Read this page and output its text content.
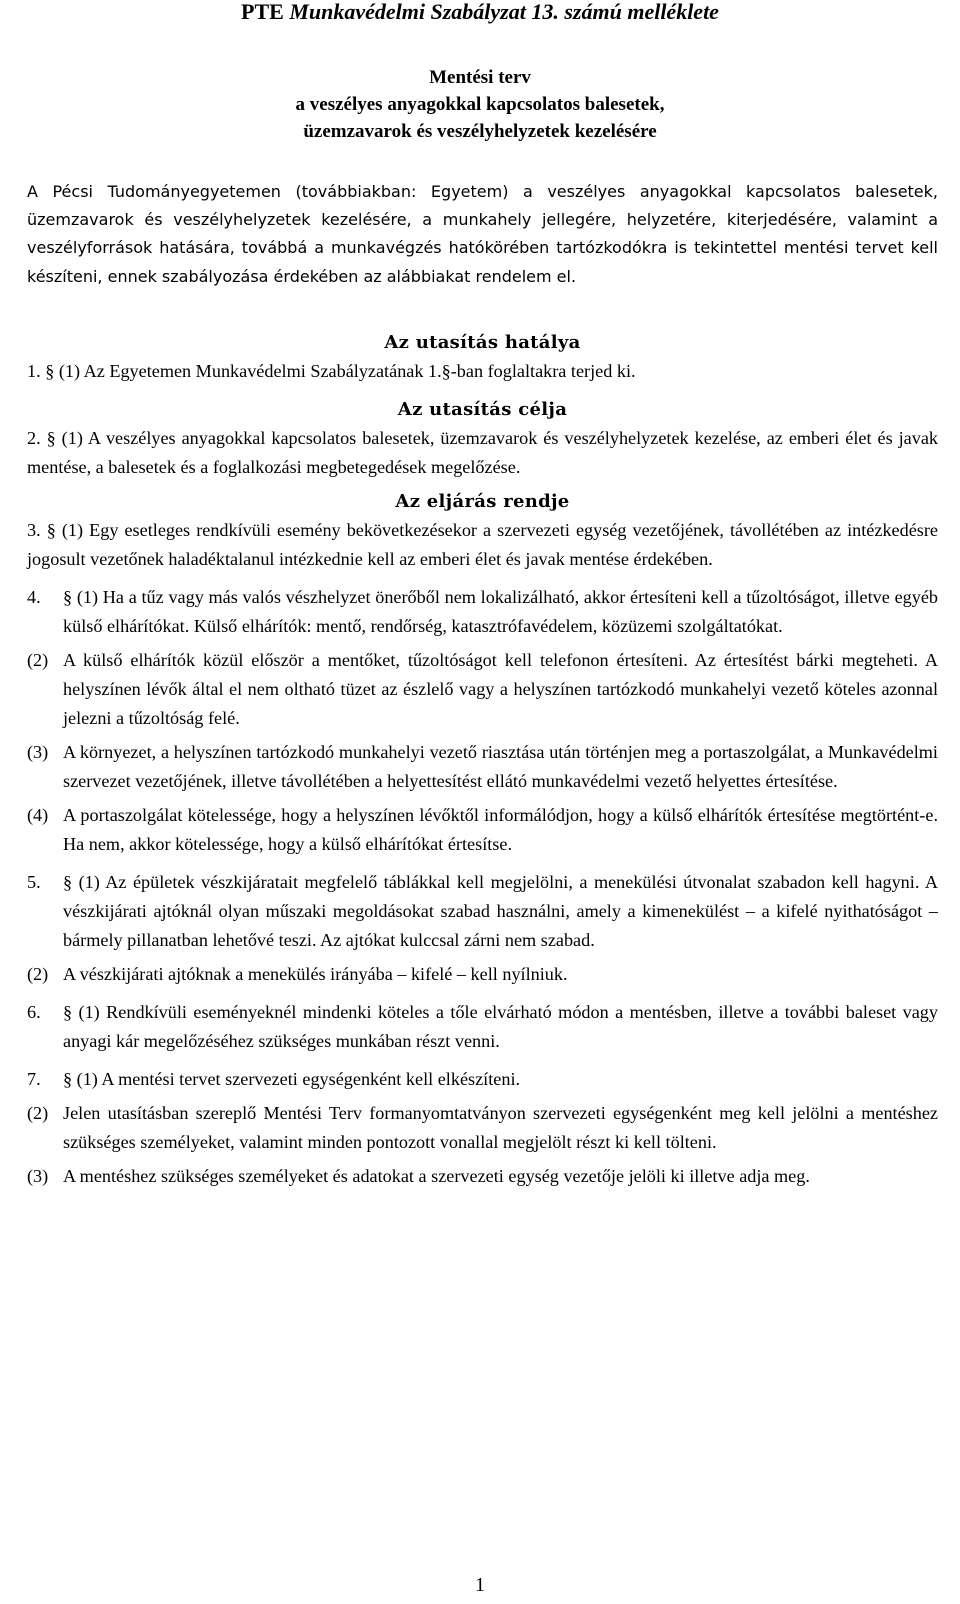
PTE Munkavédelmi Szabályzat 13. számú melléklete
Mentési terv
a veszélyes anyagokkal kapcsolatos balesetek,
üzemzavarok és veszélyhelyzetek kezelésére
A Pécsi Tudományegyetemen (továbbiakban: Egyetem) a veszélyes anyagokkal kapcsolatos balesetek, üzemzavarok és veszélyhelyzetek kezelésére, a munkahely jellegére, helyzetére, kiterjedésére, valamint a veszélyforrások hatására, továbbá a munkavégzés hatókörében tartózkodókra is tekintettel mentési tervet kell készíteni, ennek szabályozása érdekében az alábbiakat rendelem el.
Az utasítás hatálya
1. § (1) Az Egyetemen Munkavédelmi Szabályzatának 1.§-ban foglaltakra terjed ki.
Az utasítás célja
2. § (1) A veszélyes anyagokkal kapcsolatos balesetek, üzemzavarok és veszélyhelyzetek kezelése, az emberi élet és javak mentése, a balesetek és a foglalkozási megbetegedések megelőzése.
Az eljárás rendje
3. § (1) Egy esetleges rendkívüli esemény bekövetkezésekor a szervezeti egység vezetőjének, távollétében az intézkedésre jogosult vezetőnek haladéktalanul intézkednie kell az emberi élet és javak mentése érdekében.
4.	§ (1) Ha a tűz vagy más valós vészhelyzet önerőből nem lokalizálható, akkor értesíteni kell a tűzoltóságot, illetve egyéb külső elhárítókat. Külső elhárítók: mentő, rendőrség, katasztrófavédelem, közüzemi szolgáltatókat.
(2) A külső elhárítók közül először a mentőket, tűzoltóságot kell telefonon értesíteni. Az értesítést bárki megteheti. A helyszínen lévők által el nem oltható tüzet az észlelő vagy a helyszínen tartózkodó munkahelyi vezető köteles azonnal jelezni a tűzoltóság felé.
(3) A környezet, a helyszínen tartózkodó munkahelyi vezető riasztása után történjen meg a portaszolgálat, a Munkavédelmi szervezet vezetőjének, illetve távollétében a helyettesítést ellátó munkavédelmi vezető helyettes értesítése.
(4) A portaszolgálat kötelessége, hogy a helyszínen lévőktől informálódjon, hogy a külső elhárítók értesítése megtörtént-e. Ha nem, akkor kötelessége, hogy a külső elhárítókat értesítse.
5.	§ (1) Az épületek vészkijáratait megfelelő táblákkal kell megjelölni, a menekülési útvonalat szabadon kell hagyni. A vészkijárati ajtóknál olyan műszaki megoldásokat szabad használni, amely a kimenekülést – a kifelé nyithatóságot – bármely pillanatban lehetővé teszi. Az ajtókat kulccsal zárni nem szabad.
(2) A vészkijárati ajtóknak a menekülés irányába – kifelé – kell nyílniuk.
6.	§ (1) Rendkívüli eseményeknél mindenki köteles a tőle elvárható módon a mentésben, illetve a további baleset vagy anyagi kár megelőzéséhez szükséges munkában részt venni.
7.	§ (1) A mentési tervet szervezeti egységenként kell elkészíteni.
(2) Jelen utasításban szereplő Mentési Terv formanyomtatványon szervezeti egységenként meg kell jelölni a mentéshez szükséges személyeket, valamint minden pontozott vonallal megjelölt részt ki kell tölteni.
(3) A mentéshez szükséges személyeket és adatokat a szervezeti egység vezetője jelöli ki illetve adja meg.
1
